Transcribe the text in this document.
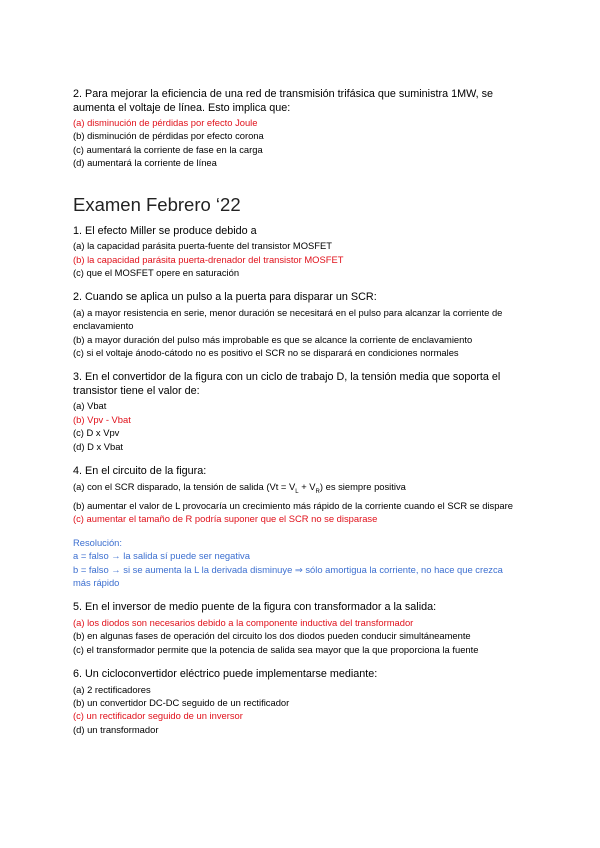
2. Para mejorar la eficiencia de una red de transmisión trifásica que suministra 1MW, se aumenta el voltaje de línea. Esto implica que:

(a) disminución de pérdidas por efecto Joule

(b) disminución de pérdidas por efecto corona

(c) aumentará la corriente de fase en la carga

(d) aumentará la corriente de línea

Examen Febrero ‘22

1. El efecto Miller se produce debido a

(a) la capacidad parásita puerta-fuente del transistor MOSFET

(b) la capacidad parásita puerta-drenador del transistor MOSFET

(c) que el MOSFET opere en saturación

2. Cuando se aplica un pulso a la puerta para disparar un SCR:

(a) a mayor resistencia en serie, menor duración se necesitará en el pulso para alcanzar la corriente de enclavamiento

(b) a mayor duración del pulso más improbable es que se alcance la corriente de enclavamiento

(c) si el voltaje ánodo-cátodo no es positivo el SCR no se disparará en condiciones normales

3. En el convertidor de la figura con un ciclo de trabajo D, la tensión media que soporta el transistor tiene el valor de:

(a) Vbat

(b) Vpv - Vbat

(c) D x Vpv

(d) D x Vbat

4. En el circuito de la figura:

(a) con el SCR disparado, la tensión de salida $(Vt = V_L + V_R)$ es siempre positiva

(b) aumentar el valor de L provocaría un crecimiento más rápido de la corriente cuando el SCR se dispare

(c) aumentar el tamaño de R podría suponer que el SCR no se disparase

Resolución:

a = falso → la salida sí puede ser negativa

b = falso → si se aumenta la L la derivada disminuye ⇒ sólo amortigua la corriente, no hace que crezca más rápido

5. En el inversor de medio puente de la figura con transformador a la salida:

(a) los diodos son necesarios debido a la componente inductiva del transformador

(b) en algunas fases de operación del circuito los dos diodos pueden conducir simultáneamente

(c) el transformador permite que la potencia de salida sea mayor que la que proporciona la fuente

6. Un cicloconvertidor eléctrico puede implementarse mediante:

(a) 2 rectificadores

(b) un convertidor DC-DC seguido de un rectificador

(c) un rectificador seguido de un inversor

(d) un transformador
